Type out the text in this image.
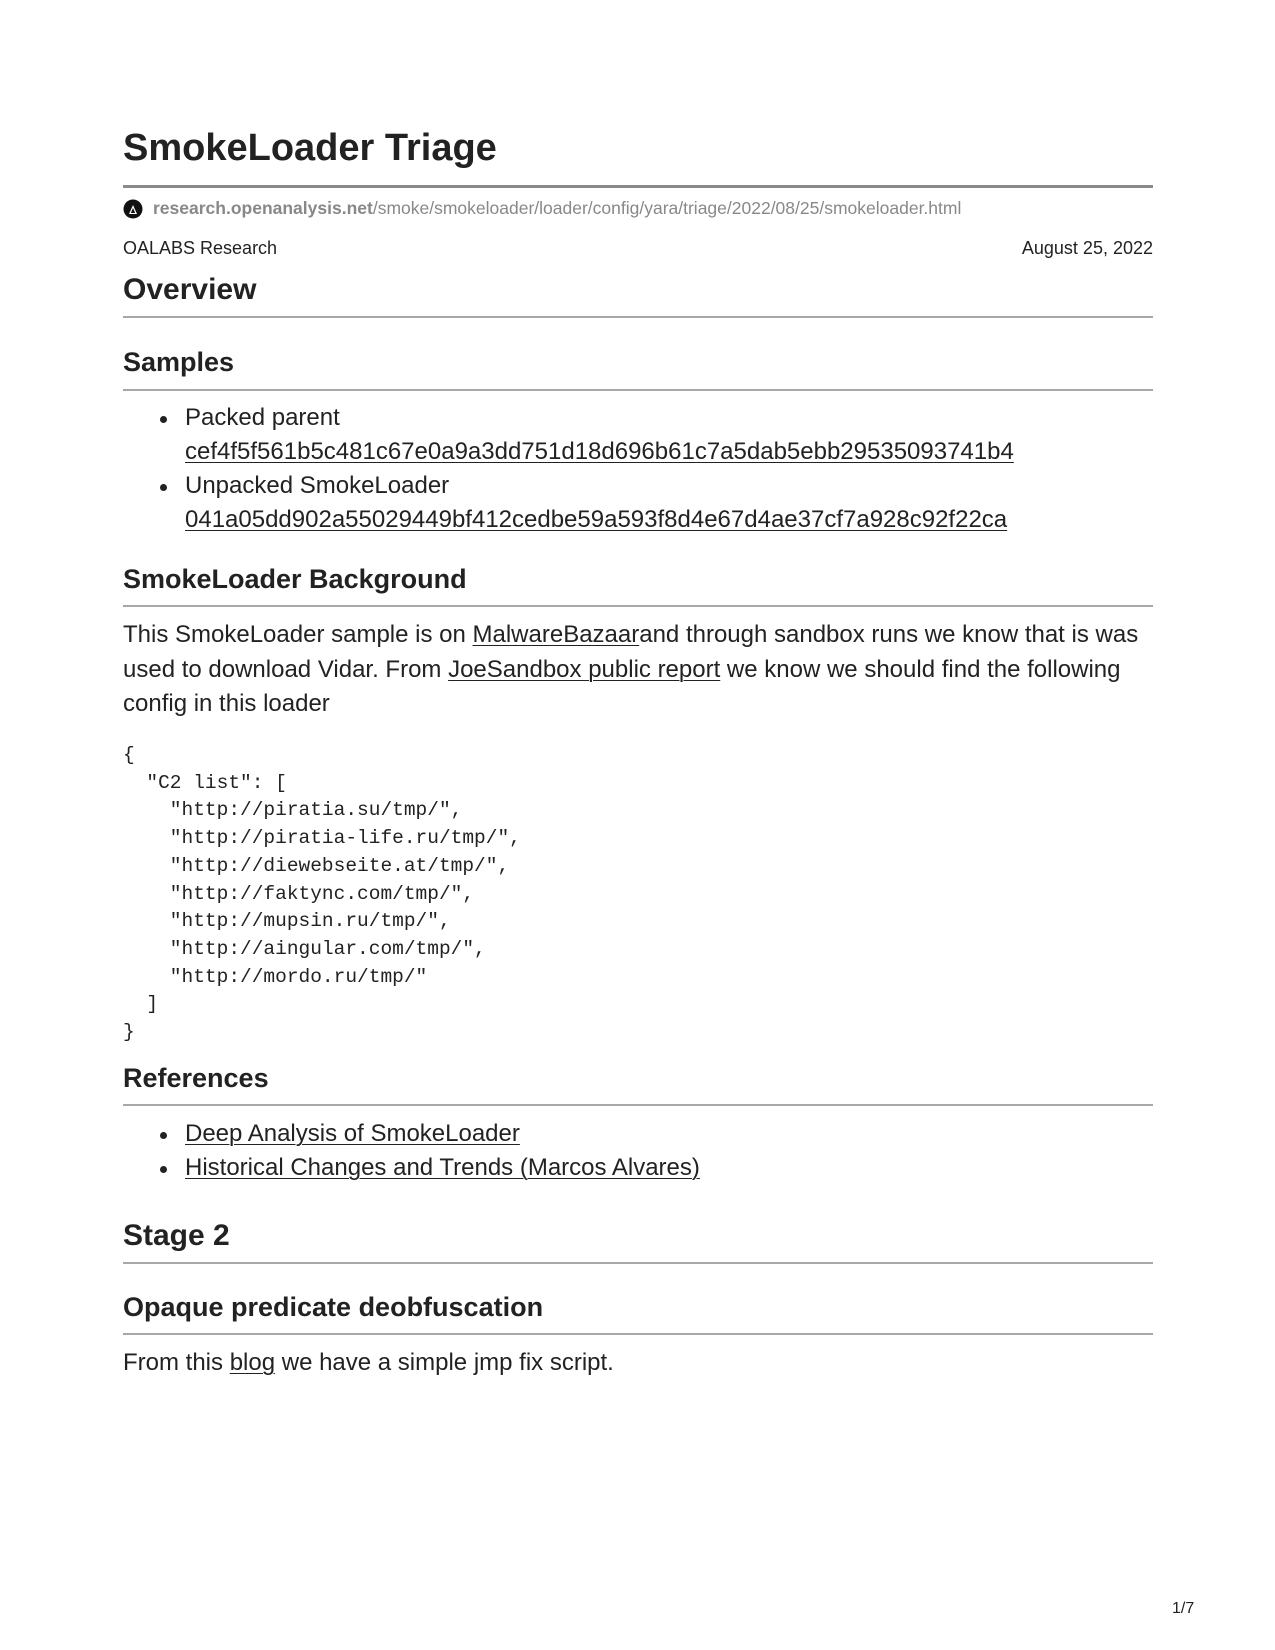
SmokeLoader Triage
research.openanalysis.net /smoke/smokeloader/loader/config/yara/triage/2022/08/25/smokeloader.html
OALABS Research	August 25, 2022
Overview
Samples
Packed parent
cef4f5f561b5c481c67e0a9a3dd751d18d696b61c7a5dab5ebb29535093741b4
Unpacked SmokeLoader
041a05dd902a55029449bf412cedbe59a593f8d4e67d4ae37cf7a928c92f22ca
SmokeLoader Background

This SmokeLoader sample is on MalwareBazaarand through sandbox runs we know that is was used to download Vidar. From JoeSandbox public report we know we should find the following config in this loader

{
"C2 list": [
"http://piratia.su/tmp/",
"http://piratia-life.ru/tmp/",
"http://diewebseite.at/tmp/",
"http://faktync.com/tmp/",
"http://mupsin.ru/tmp/",
"http://aingular.com/tmp/",
"http://mordo.ru/tmp/"
]
}
References
Deep Analysis of SmokeLoader
Historical Changes and Trends (Marcos Alvares)
Stage 2
Opaque predicate deobfuscation

From this blog we have a simple jmp fix script.

1/7
